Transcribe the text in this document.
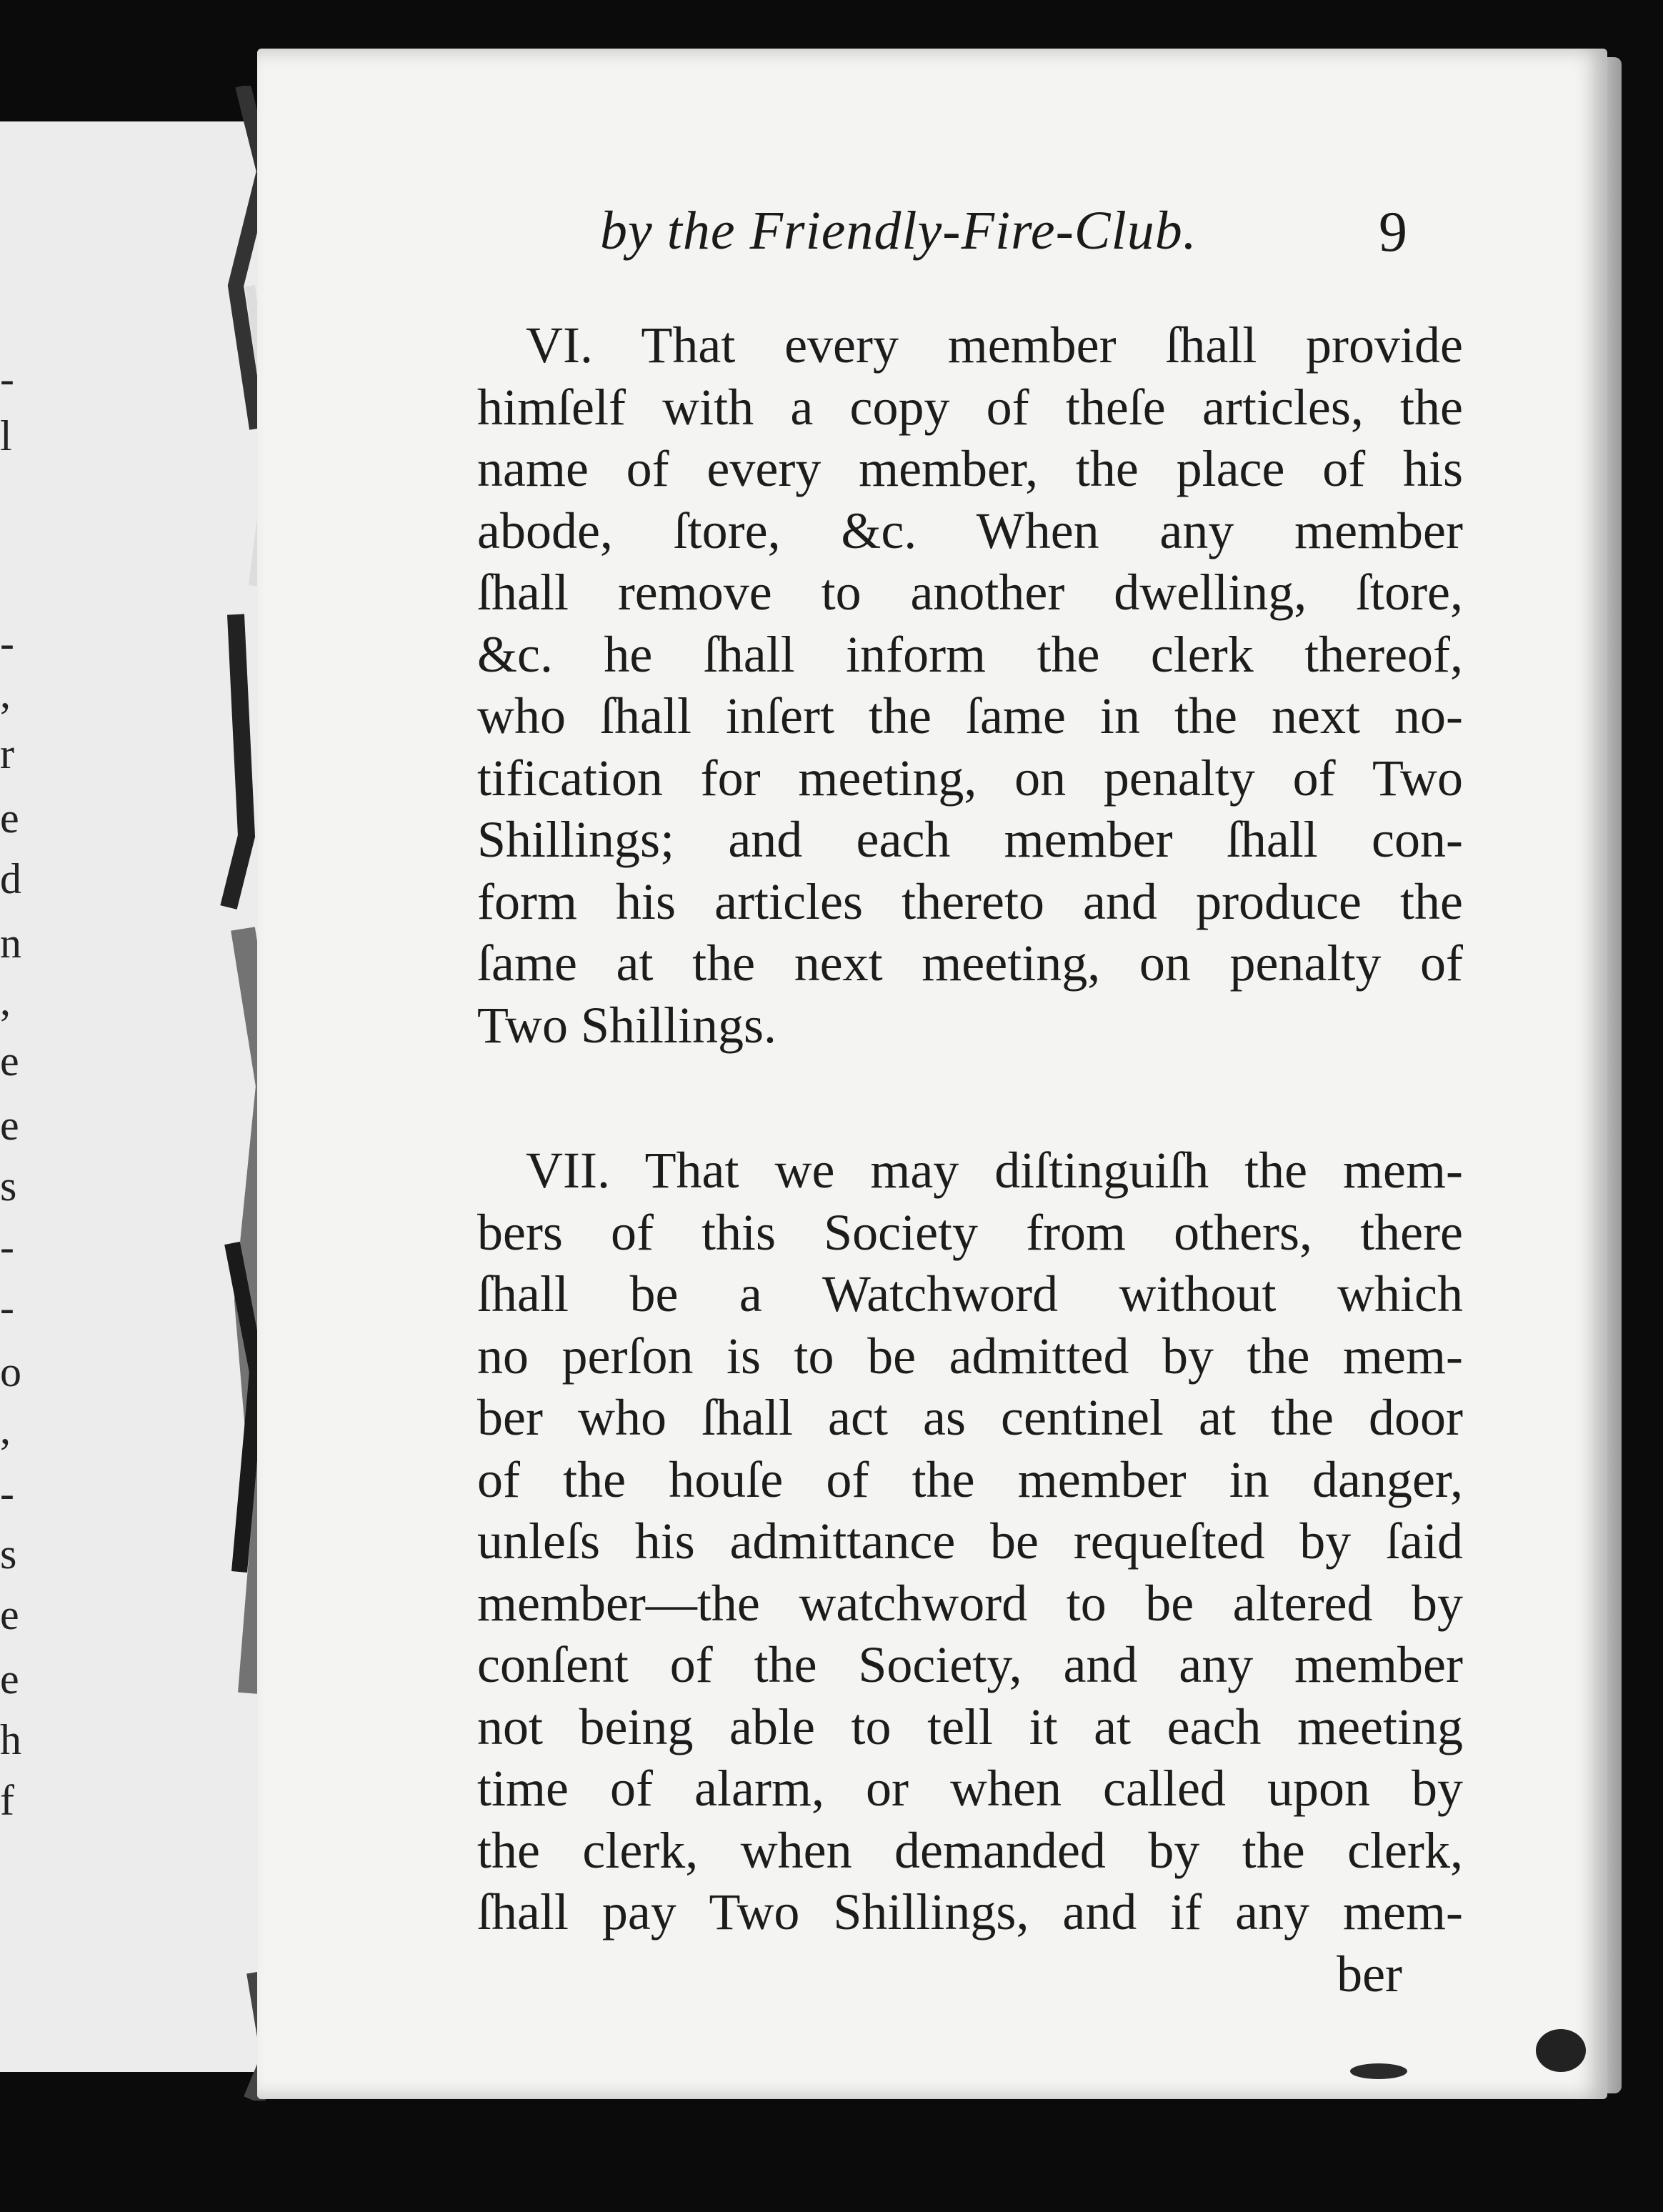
-
l
-
,
r
e
d
n
,
e
e
s
-
-
o
,
-
s
e
e
h
f
by the Friendly-Fire-Club.	9
VI. That every member ſhall provide
himſelf with a copy of theſe articles, the
name of every member, the place of his
abode, ſtore, &c. When any member
ſhall remove to another dwelling, ſtore,
&c. he ſhall inform the clerk thereof,
who ſhall inſert the ſame in the next no-
tification for meeting, on penalty of Two
Shillings; and each member ſhall con-
form his articles thereto and produce the
ſame at the next meeting, on penalty of
Two Shillings.
VII. That we may diſtinguiſh the mem-
bers of this Society from others, there
ſhall be a Watchword without which
no perſon is to be admitted by the mem-
ber who ſhall act as centinel at the door
of the houſe of the member in danger,
unleſs his admittance be requeſted by ſaid
member—the watchword to be altered by
conſent of the Society, and any member
not being able to tell it at each meeting
time of alarm, or when called upon by
the clerk, when demanded by the clerk,
ſhall pay Two Shillings, and if any mem-
ber
